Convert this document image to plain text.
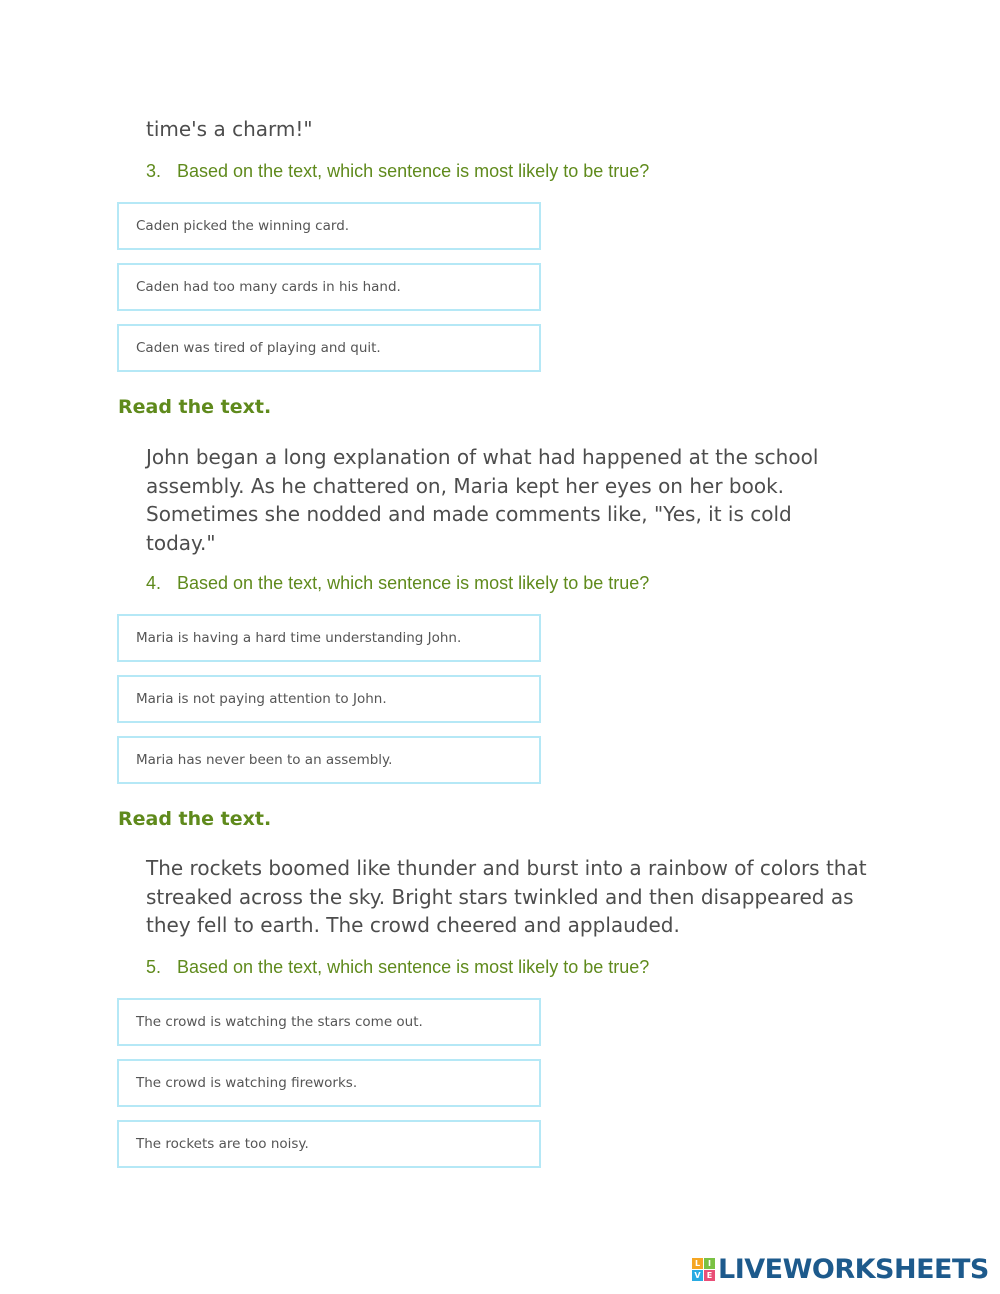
time's a charm!"

3. Based on the text, which sentence is most likely to be true?

Caden picked the winning card.
Caden had too many cards in his hand.
Caden was tired of playing and quit.

Read the text.

John began a long explanation of what had happened at the school
assembly. As he chattered on, Maria kept her eyes on her book.
Sometimes she nodded and made comments like, "Yes, it is cold
today."

4. Based on the text, which sentence is most likely to be true?

Maria is having a hard time understanding John.
Maria is not paying attention to John.
Maria has never been to an assembly.

Read the text.

The rockets boomed like thunder and burst into a rainbow of colors that
streaked across the sky. Bright stars twinkled and then disappeared as
they fell to earth. The crowd cheered and applauded.

5. Based on the text, which sentence is most likely to be true?

The crowd is watching the stars come out.
The crowd is watching fireworks.
The rockets are too noisy.
L I
V E LIVEWORKSHEETS
